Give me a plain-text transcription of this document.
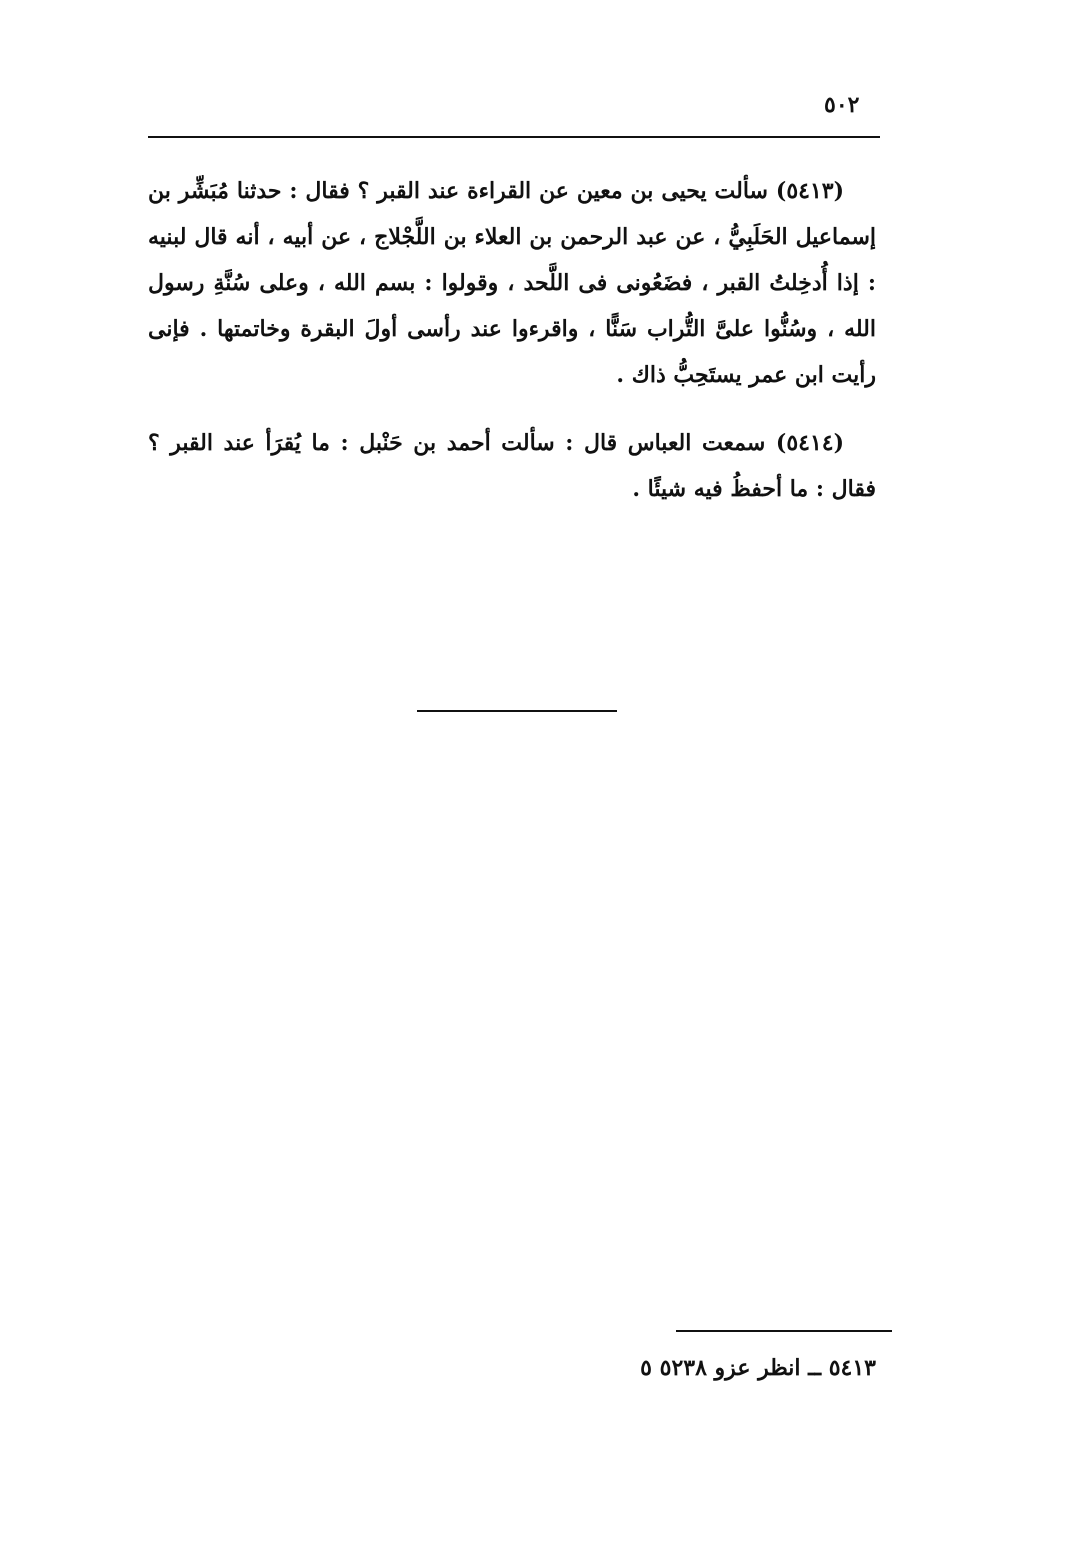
٥٠٢

(٥٤١٣) سألت يحيى بن معين عن القراءة عند القبر ؟ فقال : حدثنا مُبَشِّر بن إسماعيل الحَلَبِيُّ ، عن عبد الرحمن بن العلاء بن اللَّجْلاج ، عن أبيه ، أنه قال لبنيه : إذا أُدخِلتُ القبر ، فضَعُونى فى اللَّحد ، وقولوا : بسم الله ، وعلى سُنَّةِ رسول الله ، وسُنُّوا علىَّ التُّراب سَنًّا ، واقرءوا عند رأسى أولَ البقرة وخاتمتها . فإنى رأيت ابن عمر يستَحِبُّ ذاك .

(٥٤١٤) سمعت العباس قال : سألت أحمد بن حَنْبل : ما يُقرَأ عند القبر ؟ فقال : ما أحفظُ فيه شيئًا .

٥٤١٣ ــ انظر عزو ٥٢٣٨ ٥
